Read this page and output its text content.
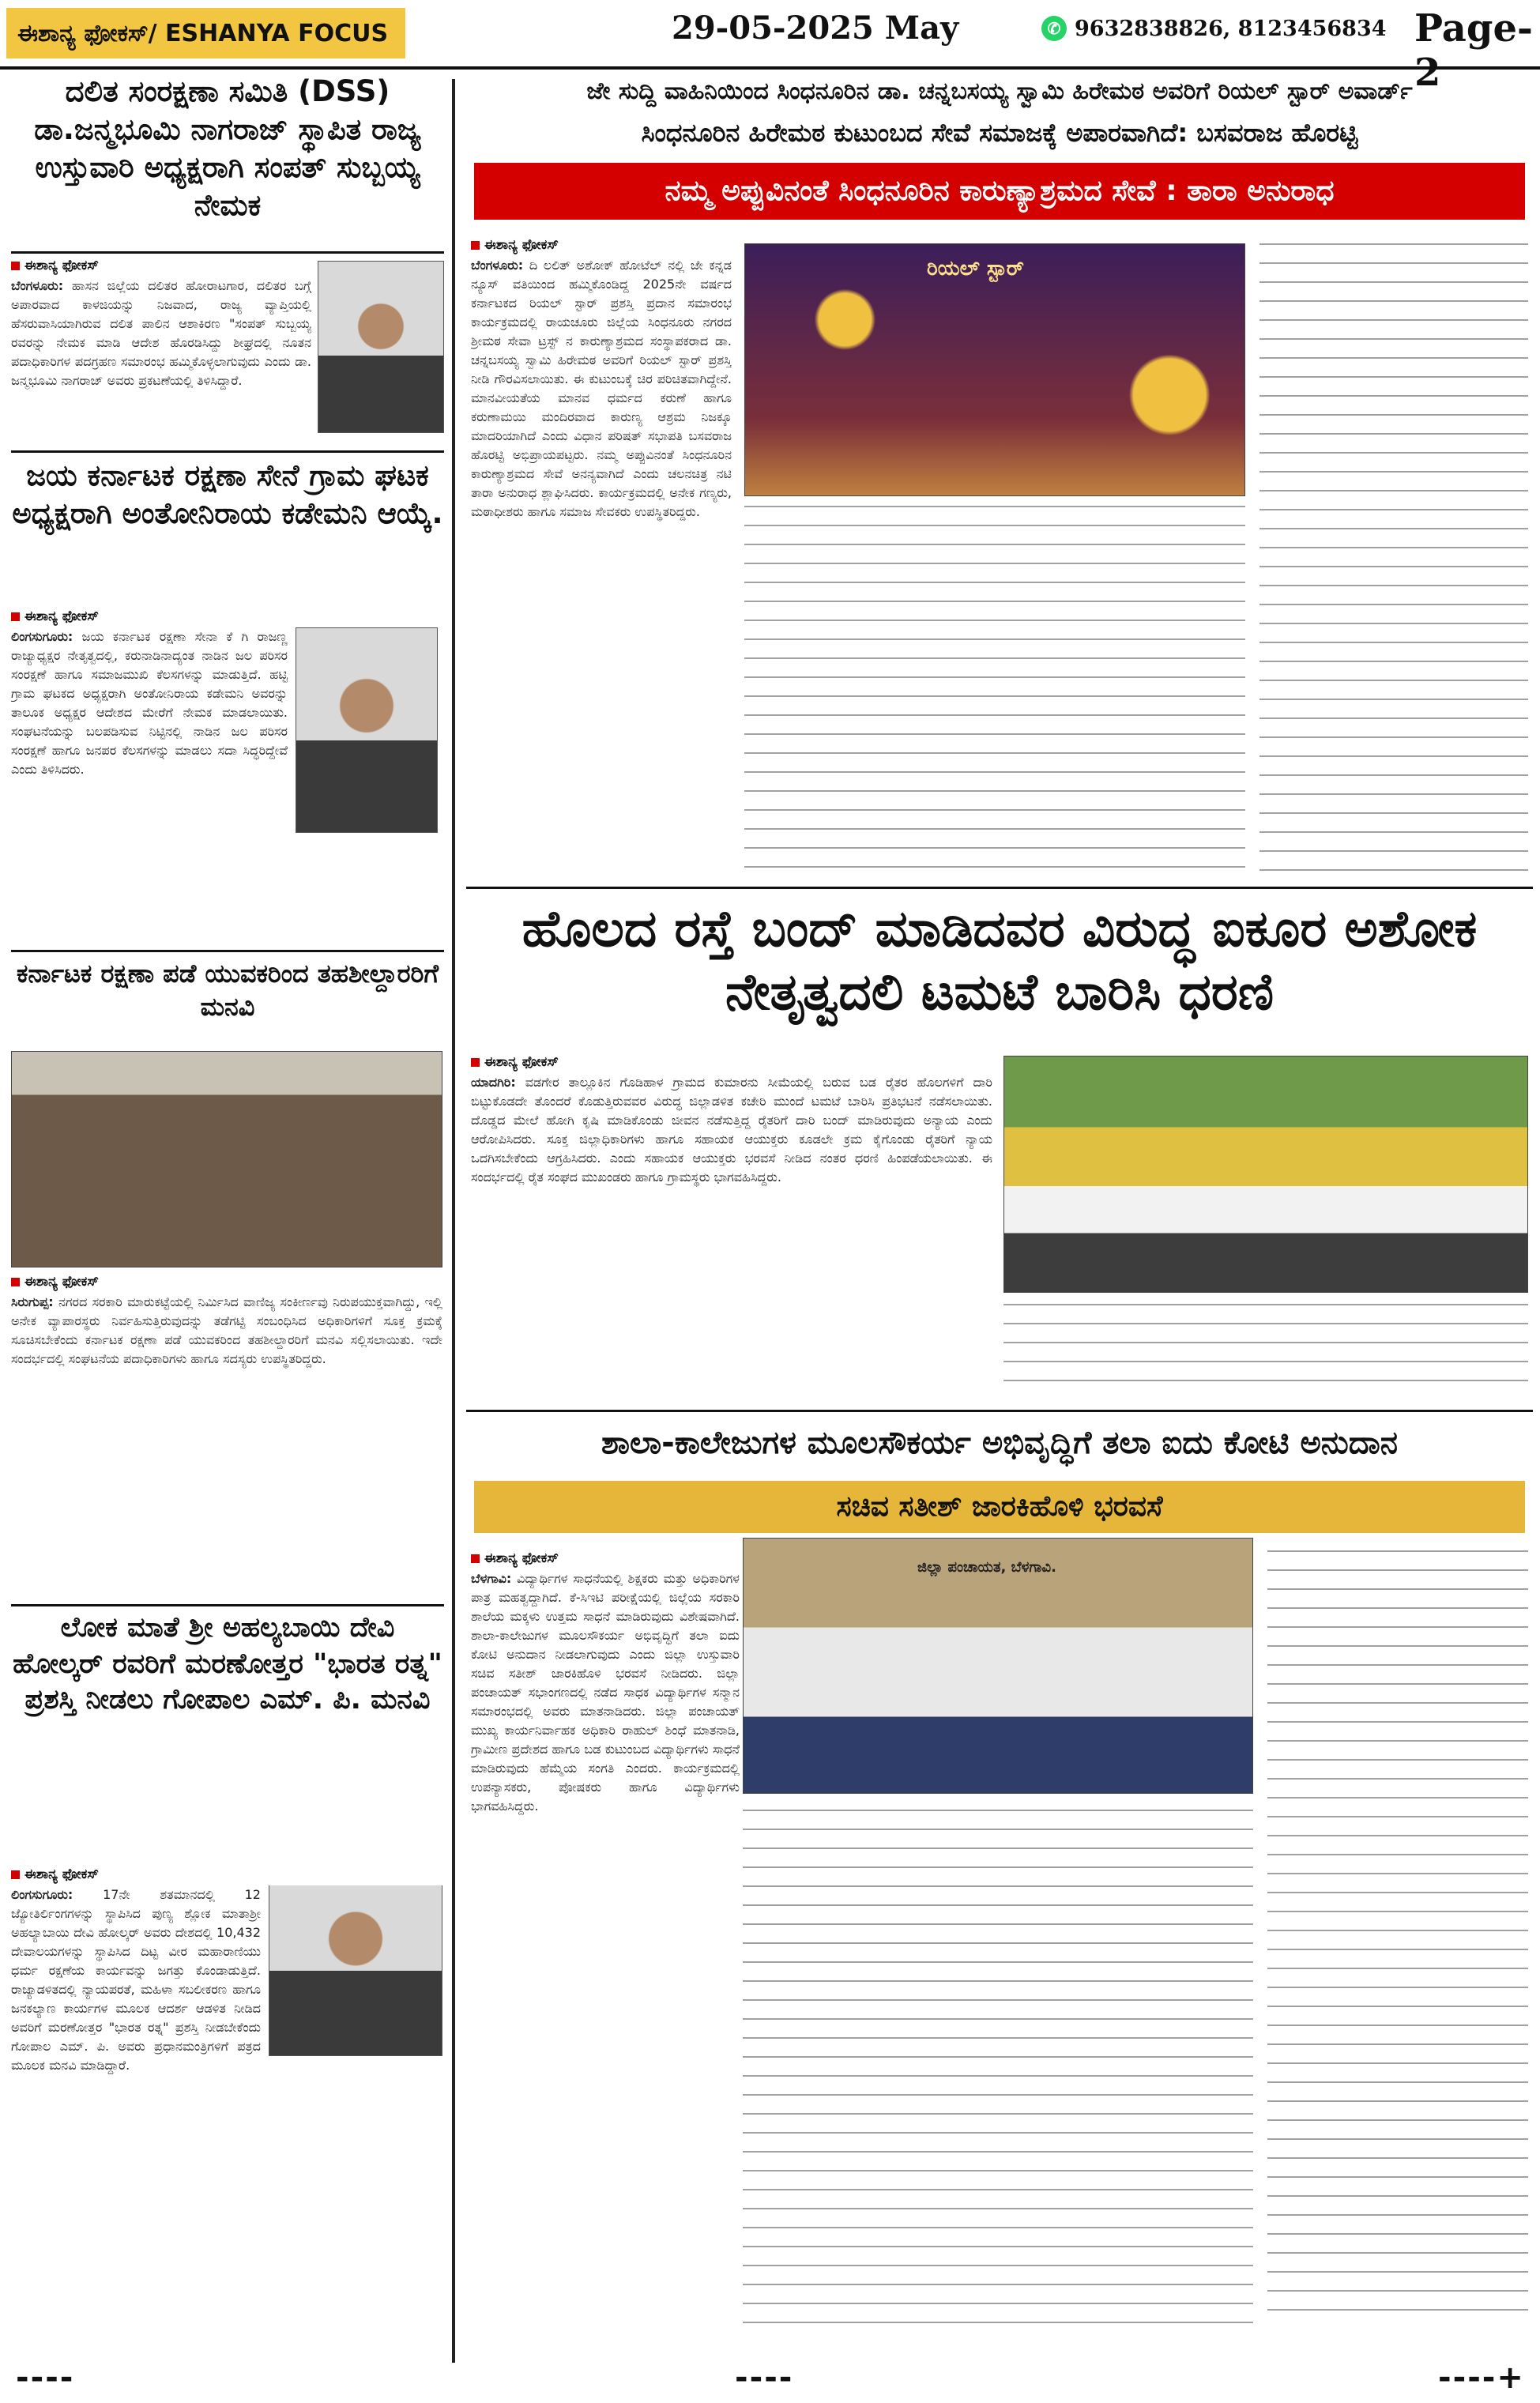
ಈಶಾನ್ಯ ಫೋಕಸ್/ ESHANYA FOCUS	29-05-2025 May	✆ 9632838826, 8123456834 Page-2
ದಲಿತ ಸಂರಕ್ಷಣಾ ಸಮಿತಿ (DSS) ಡಾ.ಜನ್ಮಭೂಮಿ ನಾಗರಾಜ್ ಸ್ಥಾಪಿತ ರಾಜ್ಯ ಉಸ್ತುವಾರಿ ಅಧ್ಯಕ್ಷರಾಗಿ ಸಂಪತ್ ಸುಬ್ಬಯ್ಯ ನೇಮಕ
ಈಶಾನ್ಯ ಫೋಕಸ್
ಬೆಂಗಳೂರು: ಹಾಸನ ಜಿಲ್ಲೆಯ ದಲಿತರ ಹೋರಾಟಗಾರ, ದಲಿತರ ಬಗ್ಗೆ ಅಪಾರವಾದ ಕಾಳಜಿಯನ್ನು ನಿಜವಾದ, ರಾಜ್ಯ ವ್ಯಾಪ್ತಿಯಲ್ಲಿ ಹೆಸರುವಾಸಿಯಾಗಿರುವ ದಲಿತ ಪಾಲಿನ ಆಶಾಕಿರಣ "ಸಂಪತ್ ಸುಬ್ಬಯ್ಯ ರವರನ್ನು ನೇಮಕ ಮಾಡಿ ಆದೇಶ ಹೊರಡಿಸಿದ್ದು ಶೀಘ್ರದಲ್ಲಿ ನೂತನ ಪದಾಧಿಕಾರಿಗಳ ಪದಗ್ರಹಣ ಸಮಾರಂಭ ಹಮ್ಮಿಕೊಳ್ಳಲಾಗುವುದು ಎಂದು ಡಾ. ಜನ್ಮಭೂಮಿ ನಾಗರಾಜ್ ಅವರು ಪ್ರಕಟಣೆಯಲ್ಲಿ ತಿಳಿಸಿದ್ದಾರೆ.
ಜಯ ಕರ್ನಾಟಕ ರಕ್ಷಣಾ ಸೇನೆ ಗ್ರಾಮ ಘಟಕ ಅಧ್ಯಕ್ಷರಾಗಿ ಅಂತೋನಿರಾಯ ಕಡೇಮನಿ ಆಯ್ಕೆ.
ಈಶಾನ್ಯ ಫೋಕಸ್
ಲಿಂಗಸುಗೂರು: ಜಯ ಕರ್ನಾಟಕ ರಕ್ಷಣಾ ಸೇನಾ ಕೆ ಗಿ ರಾಜಣ್ಣ ರಾಜ್ಯಾಧ್ಯಕ್ಷರ ನೇತೃತ್ವದಲ್ಲಿ, ಕರುನಾಡಿನಾದ್ಯಂತ ನಾಡಿನ ಜಲ ಪರಿಸರ ಸಂರಕ್ಷಣೆ ಹಾಗೂ ಸಮಾಜಮುಖಿ ಕೆಲಸಗಳನ್ನು ಮಾಡುತ್ತಿದೆ. ಹಟ್ಟಿ ಗ್ರಾಮ ಘಟಕದ ಅಧ್ಯಕ್ಷರಾಗಿ ಅಂತೋನಿರಾಯ ಕಡೇಮನಿ ಅವರನ್ನು ತಾಲೂಕ ಅಧ್ಯಕ್ಷರ ಆದೇಶದ ಮೇರೆಗೆ ನೇಮಕ ಮಾಡಲಾಯಿತು. ಸಂಘಟನೆಯನ್ನು ಬಲಪಡಿಸುವ ನಿಟ್ಟಿನಲ್ಲಿ ನಾಡಿನ ಜಲ ಪರಿಸರ ಸಂರಕ್ಷಣೆ ಹಾಗೂ ಜನಪರ ಕೆಲಸಗಳನ್ನು ಮಾಡಲು ಸದಾ ಸಿದ್ಧರಿದ್ದೇವೆ ಎಂದು ತಿಳಿಸಿದರು.
ಕರ್ನಾಟಕ ರಕ್ಷಣಾ ಪಡೆ ಯುವಕರಿಂದ ತಹಶೀಲ್ದಾರರಿಗೆ ಮನವಿ
ಈಶಾನ್ಯ ಫೋಕಸ್
ಸಿರುಗುಪ್ಪ: ನಗರದ ಸರಕಾರಿ ಮಾರುಕಟ್ಟೆಯಲ್ಲಿ ನಿರ್ಮಿಸಿದ ವಾಣಿಜ್ಯ ಸಂಕೀರ್ಣವು ನಿರುಪಯುಕ್ತವಾಗಿದ್ದು, ಇಲ್ಲಿ ಅನೇಕ ವ್ಯಾಪಾರಸ್ಥರು ನಿರ್ವಹಿಸುತ್ತಿರುವುದನ್ನು ತಡೆಗಟ್ಟಿ ಸಂಬಂಧಿಸಿದ ಅಧಿಕಾರಿಗಳಿಗೆ ಸೂಕ್ತ ಕ್ರಮಕ್ಕೆ ಸೂಚಿಸಬೇಕೆಂದು ಕರ್ನಾಟಕ ರಕ್ಷಣಾ ಪಡೆ ಯುವಕರಿಂದ ತಹಶೀಲ್ದಾರರಿಗೆ ಮನವಿ ಸಲ್ಲಿಸಲಾಯಿತು. ಇದೇ ಸಂದರ್ಭದಲ್ಲಿ ಸಂಘಟನೆಯ ಪದಾಧಿಕಾರಿಗಳು ಹಾಗೂ ಸದಸ್ಯರು ಉಪಸ್ಥಿತರಿದ್ದರು.
ಲೋಕ ಮಾತೆ ಶ್ರೀ ಅಹಲ್ಯಬಾಯಿ ದೇವಿ ಹೋಲ್ಕರ್ ರವರಿಗೆ ಮರಣೋತ್ತರ "ಭಾರತ ರತ್ನ" ಪ್ರಶಸ್ತಿ ನೀಡಲು ಗೋಪಾಲ ಎಮ್. ಪಿ. ಮನವಿ
ಈಶಾನ್ಯ ಫೋಕಸ್
ಲಿಂಗಸುಗೂರು: 17ನೇ ಶತಮಾನದಲ್ಲಿ 12 ಜ್ಯೋತಿರ್ಲಿಂಗಗಳನ್ನು ಸ್ಥಾಪಿಸಿದ ಪುಣ್ಯ ಶ್ಲೋಕ ಮಾತಾಶ್ರೀ ಅಹಲ್ಯಾಬಾಯಿ ದೇವಿ ಹೋಲ್ಕರ್ ಅವರು ದೇಶದಲ್ಲಿ 10,432 ದೇವಾಲಯಗಳನ್ನು ಸ್ಥಾಪಿಸಿದ ದಿಟ್ಟ ವೀರ ಮಹಾರಾಣಿಯು ಧರ್ಮ ರಕ್ಷಣೆಯ ಕಾರ್ಯವನ್ನು ಜಗತ್ತು ಕೊಂಡಾಡುತ್ತಿದೆ. ರಾಜ್ಯಾಡಳಿತದಲ್ಲಿ ನ್ಯಾಯಪರತೆ, ಮಹಿಳಾ ಸಬಲೀಕರಣ ಹಾಗೂ ಜನಕಲ್ಯಾಣ ಕಾರ್ಯಗಳ ಮೂಲಕ ಆದರ್ಶ ಆಡಳಿತ ನೀಡಿದ ಅವರಿಗೆ ಮರಣೋತ್ತರ "ಭಾರತ ರತ್ನ" ಪ್ರಶಸ್ತಿ ನೀಡಬೇಕೆಂದು ಗೋಪಾಲ ಎಮ್. ಪಿ. ಅವರು ಪ್ರಧಾನಮಂತ್ರಿಗಳಿಗೆ ಪತ್ರದ ಮೂಲಕ ಮನವಿ ಮಾಡಿದ್ದಾರೆ.
ಜೇ ಸುದ್ದಿ ವಾಹಿನಿಯಿಂದ ಸಿಂಧನೂರಿನ ಡಾ. ಚನ್ನಬಸಯ್ಯ ಸ್ವಾಮಿ ಹಿರೇಮಠ ಅವರಿಗೆ ರಿಯಲ್ ಸ್ಟಾರ್ ಅವಾರ್ಡ್
ಸಿಂಧನೂರಿನ ಹಿರೇಮಠ ಕುಟುಂಬದ ಸೇವೆ ಸಮಾಜಕ್ಕೆ ಅಪಾರವಾಗಿದೆ: ಬಸವರಾಜ ಹೊರಟ್ಟಿ
ನಮ್ಮ ಅಪ್ಪುವಿನಂತೆ ಸಿಂಧನೂರಿನ ಕಾರುಣ್ಯಾಶ್ರಮದ ಸೇವೆ : ತಾರಾ ಅನುರಾಧ
ಈಶಾನ್ಯ ಫೋಕಸ್
ಬೆಂಗಳೂರು: ದಿ ಲಲಿತ್ ಅಶೋಕ್ ಹೋಟೆಲ್ ನಲ್ಲಿ ಜೇ ಕನ್ನಡ ನ್ಯೂಸ್ ವತಿಯಿಂದ ಹಮ್ಮಿಕೊಂಡಿದ್ದ 2025ನೇ ವರ್ಷದ ಕರ್ನಾಟಕದ ರಿಯಲ್ ಸ್ಟಾರ್ ಪ್ರಶಸ್ತಿ ಪ್ರದಾನ ಸಮಾರಂಭ ಕಾರ್ಯಕ್ರಮದಲ್ಲಿ ರಾಯಚೂರು ಜಿಲ್ಲೆಯ ಸಿಂಧನೂರು ನಗರದ ಶ್ರೀಮಠ ಸೇವಾ ಟ್ರಸ್ಟ್ ನ ಕಾರುಣ್ಯಾಶ್ರಮದ ಸಂಸ್ಥಾಪಕರಾದ ಡಾ. ಚನ್ನಬಸಯ್ಯ ಸ್ವಾಮಿ ಹಿರೇಮಠ ಅವರಿಗೆ ರಿಯಲ್ ಸ್ಟಾರ್ ಪ್ರಶಸ್ತಿ ನೀಡಿ ಗೌರವಿಸಲಾಯಿತು. ಈ ಕುಟುಂಬಕ್ಕೆ ಚಿರ ಪರಿಚಿತವಾಗಿದ್ದೇನೆ. ಮಾನವೀಯತೆಯ ಮಾನವ ಧರ್ಮದ ಕರುಣೆ ಹಾಗೂ ಕರುಣಾಮಯಿ ಮಂದಿರವಾದ ಕಾರುಣ್ಯ ಆಶ್ರಮ ನಿಜಕ್ಕೂ ಮಾದರಿಯಾಗಿದೆ ಎಂದು ವಿಧಾನ ಪರಿಷತ್ ಸಭಾಪತಿ ಬಸವರಾಜ ಹೊರಟ್ಟಿ ಅಭಿಪ್ರಾಯಪಟ್ಟರು. ನಮ್ಮ ಅಪ್ಪುವಿನಂತೆ ಸಿಂಧನೂರಿನ ಕಾರುಣ್ಯಾಶ್ರಮದ ಸೇವೆ ಅನನ್ಯವಾಗಿದೆ ಎಂದು ಚಲನಚಿತ್ರ ನಟಿ ತಾರಾ ಅನುರಾಧ ಶ್ಲಾಘಿಸಿದರು. ಕಾರ್ಯಕ್ರಮದಲ್ಲಿ ಅನೇಕ ಗಣ್ಯರು, ಮಠಾಧೀಶರು ಹಾಗೂ ಸಮಾಜ ಸೇವಕರು ಉಪಸ್ಥಿತರಿದ್ದರು.
ರಿಯಲ್ ಸ್ಟಾರ್
ಹೊಲದ ರಸ್ತೆ ಬಂದ್ ಮಾಡಿದವರ ವಿರುದ್ಧ ಐಕೂರ ಅಶೋಕ ನೇತೃತ್ವದಲಿ ಟಮಟೆ ಬಾರಿಸಿ ಧರಣಿ
ಈಶಾನ್ಯ ಫೋಕಸ್
ಯಾದಗಿರಿ: ವಡಗೇರ ತಾಲ್ಲೂಕಿನ ಗೊಡಿಹಾಳ ಗ್ರಾಮದ ಕುಮಾರನು ಸೀಮೆಯಲ್ಲಿ ಬರುವ ಬಡ ರೈತರ ಹೊಲಗಳಿಗೆ ದಾರಿ ಬಿಟ್ಟುಕೊಡದೇ ತೊಂದರೆ ಕೊಡುತ್ತಿರುವವರ ವಿರುದ್ಧ ಜಿಲ್ಲಾಡಳಿತ ಕಚೇರಿ ಮುಂದೆ ಟಮಟೆ ಬಾರಿಸಿ ಪ್ರತಿಭಟನೆ ನಡೆಸಲಾಯಿತು. ದೊಡ್ಡದ ಮೇಲೆ ಹೋಗಿ ಕೃಷಿ ಮಾಡಿಕೊಂಡು ಜೀವನ ನಡೆಸುತ್ತಿದ್ದ ರೈತರಿಗೆ ದಾರಿ ಬಂದ್ ಮಾಡಿರುವುದು ಅನ್ಯಾಯ ಎಂದು ಆರೋಪಿಸಿದರು. ಸೂಕ್ತ ಜಿಲ್ಲಾಧಿಕಾರಿಗಳು ಹಾಗೂ ಸಹಾಯಕ ಆಯುಕ್ತರು ಕೂಡಲೇ ಕ್ರಮ ಕೈಗೊಂಡು ರೈತರಿಗೆ ನ್ಯಾಯ ಒದಗಿಸಬೇಕೆಂದು ಆಗ್ರಹಿಸಿದರು. ಎಂದು ಸಹಾಯಕ ಆಯುಕ್ತರು ಭರವಸೆ ನೀಡಿದ ನಂತರ ಧರಣಿ ಹಿಂಪಡೆಯಲಾಯಿತು. ಈ ಸಂದರ್ಭದಲ್ಲಿ ರೈತ ಸಂಘದ ಮುಖಂಡರು ಹಾಗೂ ಗ್ರಾಮಸ್ಥರು ಭಾಗವಹಿಸಿದ್ದರು.
ಶಾಲಾ-ಕಾಲೇಜುಗಳ ಮೂಲಸೌಕರ್ಯ ಅಭಿವೃದ್ಧಿಗೆ ತಲಾ ಐದು ಕೋಟಿ ಅನುದಾನ
ಸಚಿವ ಸತೀಶ್ ಜಾರಕಿಹೊಳಿ ಭರವಸೆ
ಈಶಾನ್ಯ ಫೋಕಸ್
ಬೆಳಗಾವಿ: ವಿದ್ಯಾರ್ಥಿಗಳ ಸಾಧನೆಯಲ್ಲಿ ಶಿಕ್ಷಕರು ಮತ್ತು ಅಧಿಕಾರಿಗಳ ಪಾತ್ರ ಮಹತ್ವದ್ದಾಗಿದೆ. ಕೆ-ಸಿಇಟಿ ಪರೀಕ್ಷೆಯಲ್ಲಿ ಜಿಲ್ಲೆಯ ಸರಕಾರಿ ಶಾಲೆಯ ಮಕ್ಕಳು ಉತ್ತಮ ಸಾಧನೆ ಮಾಡಿರುವುದು ವಿಶೇಷವಾಗಿದೆ. ಶಾಲಾ-ಕಾಲೇಜುಗಳ ಮೂಲಸೌಕರ್ಯ ಅಭಿವೃದ್ಧಿಗೆ ತಲಾ ಐದು ಕೋಟಿ ಅನುದಾನ ನೀಡಲಾಗುವುದು ಎಂದು ಜಿಲ್ಲಾ ಉಸ್ತುವಾರಿ ಸಚಿವ ಸತೀಶ್ ಜಾರಕಿಹೊಳಿ ಭರವಸೆ ನೀಡಿದರು. ಜಿಲ್ಲಾ ಪಂಚಾಯತ್ ಸಭಾಂಗಣದಲ್ಲಿ ನಡೆದ ಸಾಧಕ ವಿದ್ಯಾರ್ಥಿಗಳ ಸನ್ಮಾನ ಸಮಾರಂಭದಲ್ಲಿ ಅವರು ಮಾತನಾಡಿದರು. ಜಿಲ್ಲಾ ಪಂಚಾಯತ್ ಮುಖ್ಯ ಕಾರ್ಯನಿರ್ವಾಹಕ ಅಧಿಕಾರಿ ರಾಹುಲ್ ಶಿಂಧೆ ಮಾತನಾಡಿ, ಗ್ರಾಮೀಣ ಪ್ರದೇಶದ ಹಾಗೂ ಬಡ ಕುಟುಂಬದ ವಿದ್ಯಾರ್ಥಿಗಳು ಸಾಧನೆ ಮಾಡಿರುವುದು ಹೆಮ್ಮೆಯ ಸಂಗತಿ ಎಂದರು. ಕಾರ್ಯಕ್ರಮದಲ್ಲಿ ಉಪನ್ಯಾಸಕರು, ಪೋಷಕರು ಹಾಗೂ ವಿದ್ಯಾರ್ಥಿಗಳು ಭಾಗವಹಿಸಿದ್ದರು.
ಜಿಲ್ಲಾ ಪಂಚಾಯತ, ಬೆಳಗಾವಿ.
----	----	----+
